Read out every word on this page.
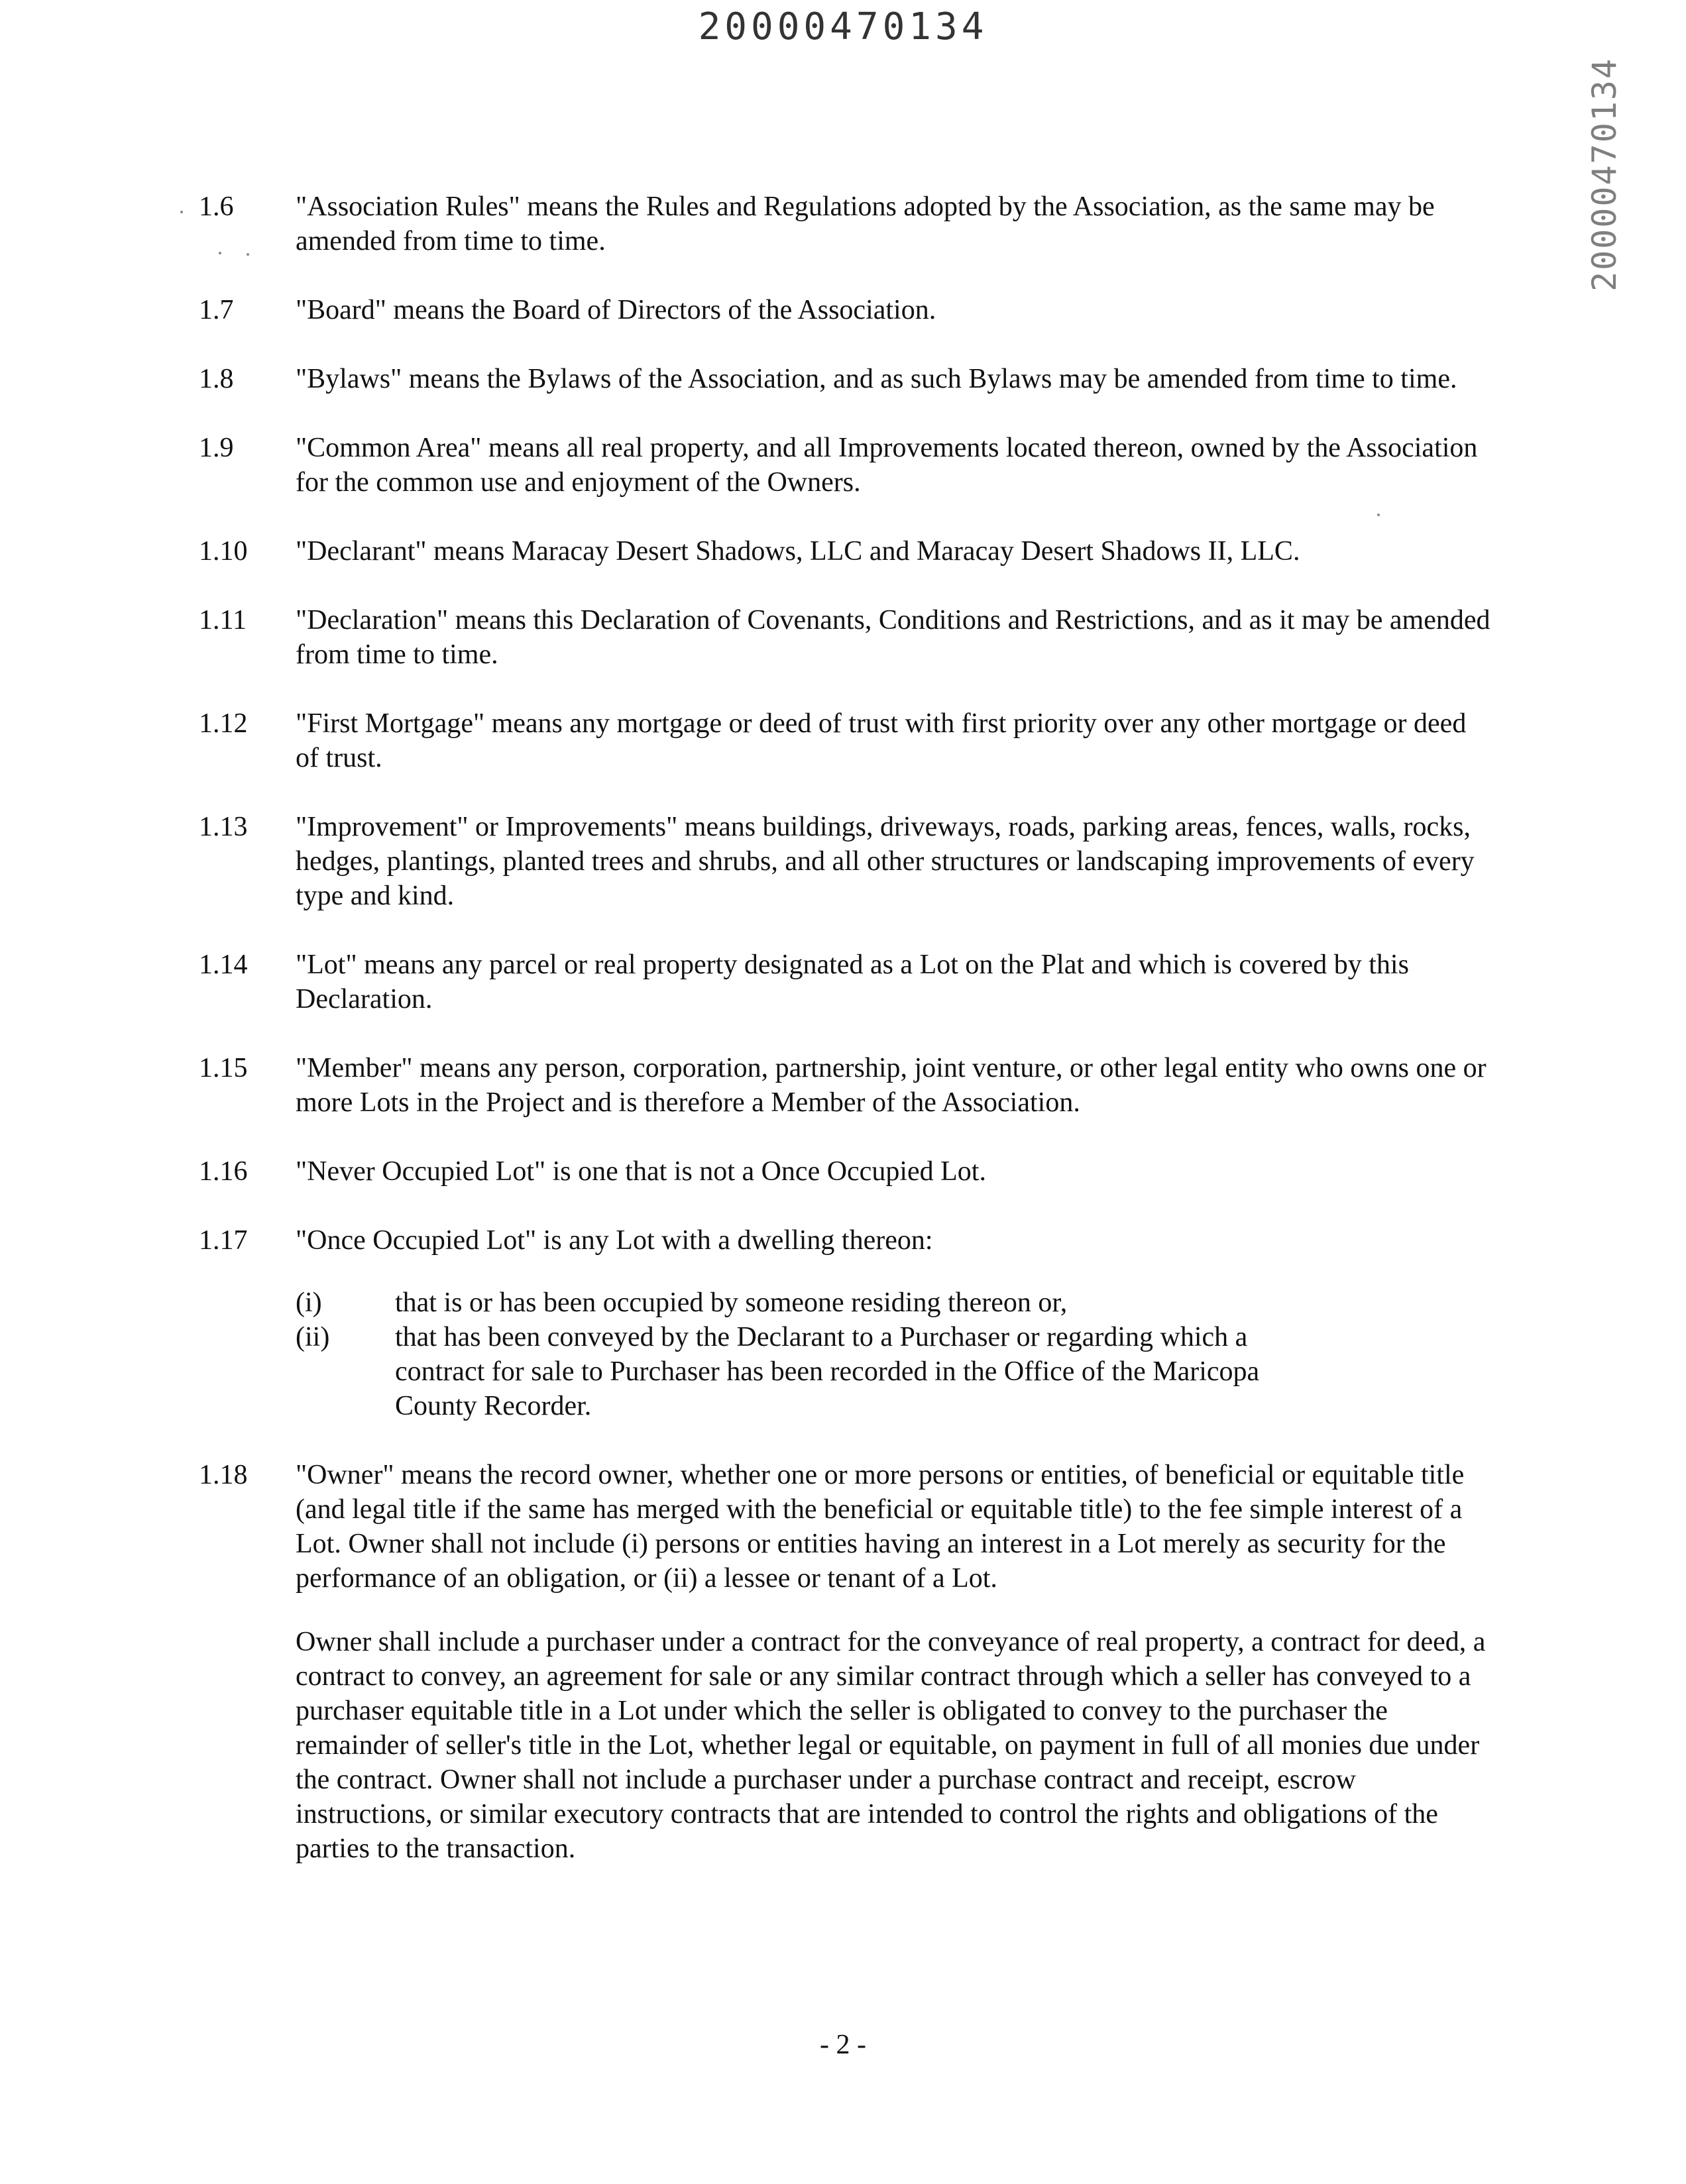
20000470134
20000470134
1.6	"Association Rules" means the Rules and Regulations adopted by the Association, as the same may be amended from time to time.
1.7	"Board" means the Board of Directors of the Association.
1.8	"Bylaws" means the Bylaws of the Association, and as such Bylaws may be amended from time to time.
1.9	"Common Area" means all real property, and all Improvements located thereon, owned by the Association for the common use and enjoyment of the Owners.
1.10	"Declarant" means Maracay Desert Shadows, LLC and Maracay Desert Shadows II, LLC.
1.11	"Declaration" means this Declaration of Covenants, Conditions and Restrictions, and as it may be amended from time to time.
1.12	"First Mortgage" means any mortgage or deed of trust with first priority over any other mortgage or deed of trust.
1.13	"Improvement" or Improvements" means buildings, driveways, roads, parking areas, fences, walls, rocks, hedges, plantings, planted trees and shrubs, and all other structures or landscaping improvements of every type and kind.
1.14	"Lot" means any parcel or real property designated as a Lot on the Plat and which is covered by this Declaration.
1.15	"Member" means any person, corporation, partnership, joint venture, or other legal entity who owns one or more Lots in the Project and is therefore a Member of the Association.
1.16	"Never Occupied Lot" is one that is not a Once Occupied Lot.
1.17	"Once Occupied Lot" is any Lot with a dwelling thereon:
(i)	that is or has been occupied by someone residing thereon or,
(ii)	that has been conveyed by the Declarant to a Purchaser or regarding which a contract for sale to Purchaser has been recorded in the Office of the Maricopa County Recorder.
1.18	"Owner" means the record owner, whether one or more persons or entities, of beneficial or equitable title (and legal title if the same has merged with the beneficial or equitable title) to the fee simple interest of a Lot. Owner shall not include (i) persons or entities having an interest in a Lot merely as security for the performance of an obligation, or (ii) a lessee or tenant of a Lot.
Owner shall include a purchaser under a contract for the conveyance of real property, a contract for deed, a contract to convey, an agreement for sale or any similar contract through which a seller has conveyed to a purchaser equitable title in a Lot under which the seller is obligated to convey to the purchaser the remainder of seller's title in the Lot, whether legal or equitable, on payment in full of all monies due under the contract. Owner shall not include a purchaser under a purchase contract and receipt, escrow instructions, or similar executory contracts that are intended to control the rights and obligations of the parties to the transaction.
- 2 -
